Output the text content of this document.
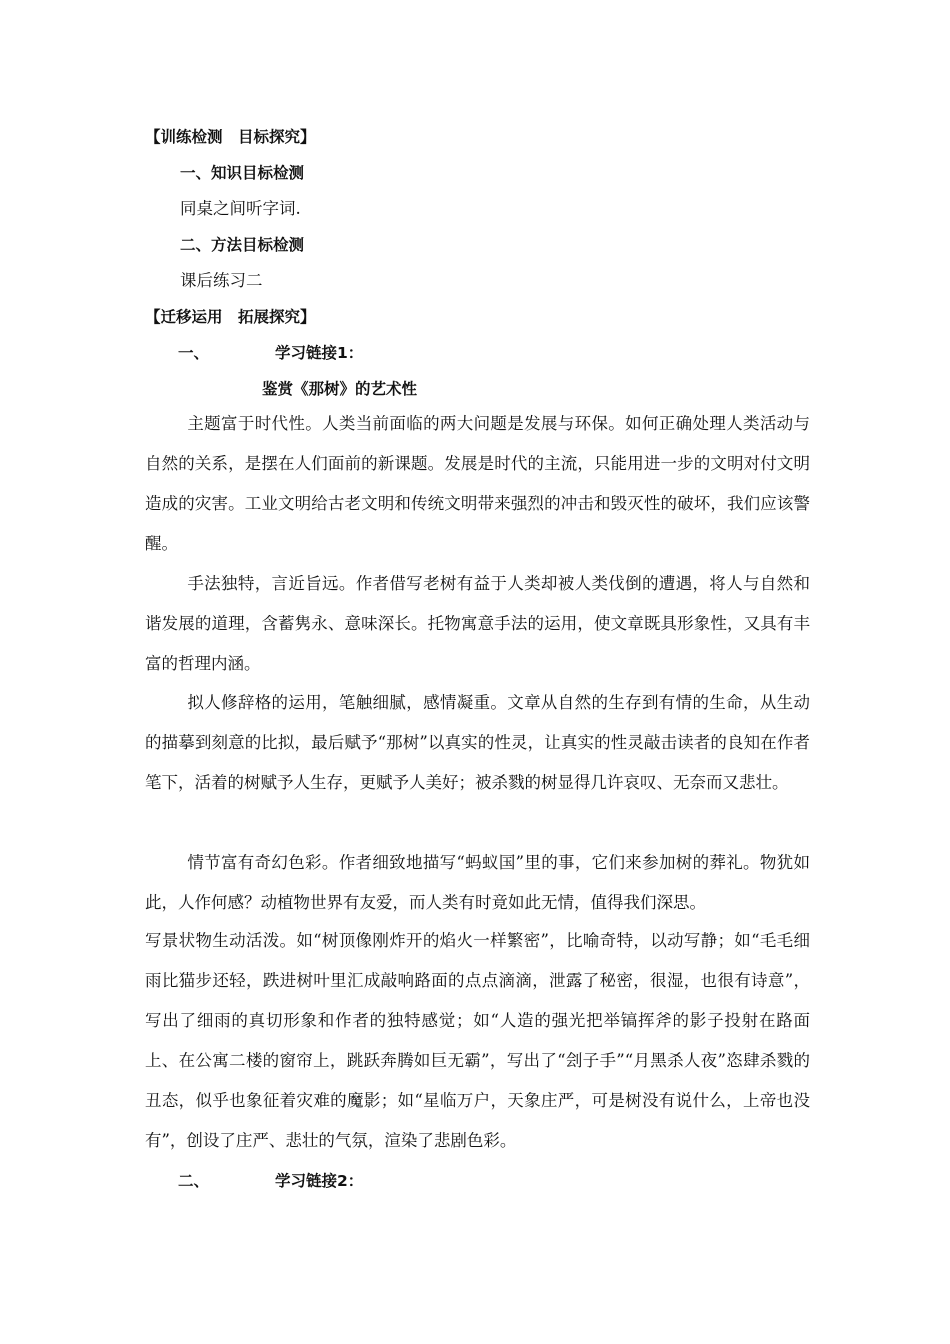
【训练检测　目标探究】
一、知识目标检测
同桌之间听字词.
二、方法目标检测
课后练习二
【迁移运用　拓展探究】
一、	学习链接1：
鉴赏《那树》的艺术性
主题富于时代性。人类当前面临的两大问题是发展与环保。如何正确处理人类活动与自然的关系，是摆在人们面前的新课题。发展是时代的主流，只能用进一步的文明对付文明造成的灾害。工业文明给古老文明和传统文明带来强烈的冲击和毁灭性的破坏，我们应该警醒。
手法独特，言近旨远。作者借写老树有益于人类却被人类伐倒的遭遇，将人与自然和谐发展的道理，含蓄隽永、意味深长。托物寓意手法的运用，使文章既具形象性，又具有丰富的哲理内涵。
拟人修辞格的运用，笔触细腻，感情凝重。文章从自然的生存到有情的生命，从生动的描摹到刻意的比拟，最后赋予“那树”以真实的性灵，让真实的性灵敲击读者的良知在作者笔下，活着的树赋予人生存，更赋予人美好；被杀戮的树显得几许哀叹、无奈而又悲壮。
情节富有奇幻色彩。作者细致地描写“蚂蚁国”里的事，它们来参加树的葬礼。物犹如此，人作何感？动植物世界有友爱，而人类有时竟如此无情，值得我们深思。
写景状物生动活泼。如“树顶像刚炸开的焰火一样繁密”，比喻奇特，以动写静；如“毛毛细雨比猫步还轻，跌进树叶里汇成敲响路面的点点滴滴，泄露了秘密，很湿，也很有诗意”，写出了细雨的真切形象和作者的独特感觉；如“人造的强光把举镐挥斧的影子投射在路面上、在公寓二楼的窗帘上，跳跃奔腾如巨无霸”，写出了“刽子手”“月黑杀人夜”恣肆杀戮的丑态，似乎也象征着灾难的魔影；如“星临万户，天象庄严，可是树没有说什么，上帝也没有”，创设了庄严、悲壮的气氛，渲染了悲剧色彩。
二、	学习链接2：
